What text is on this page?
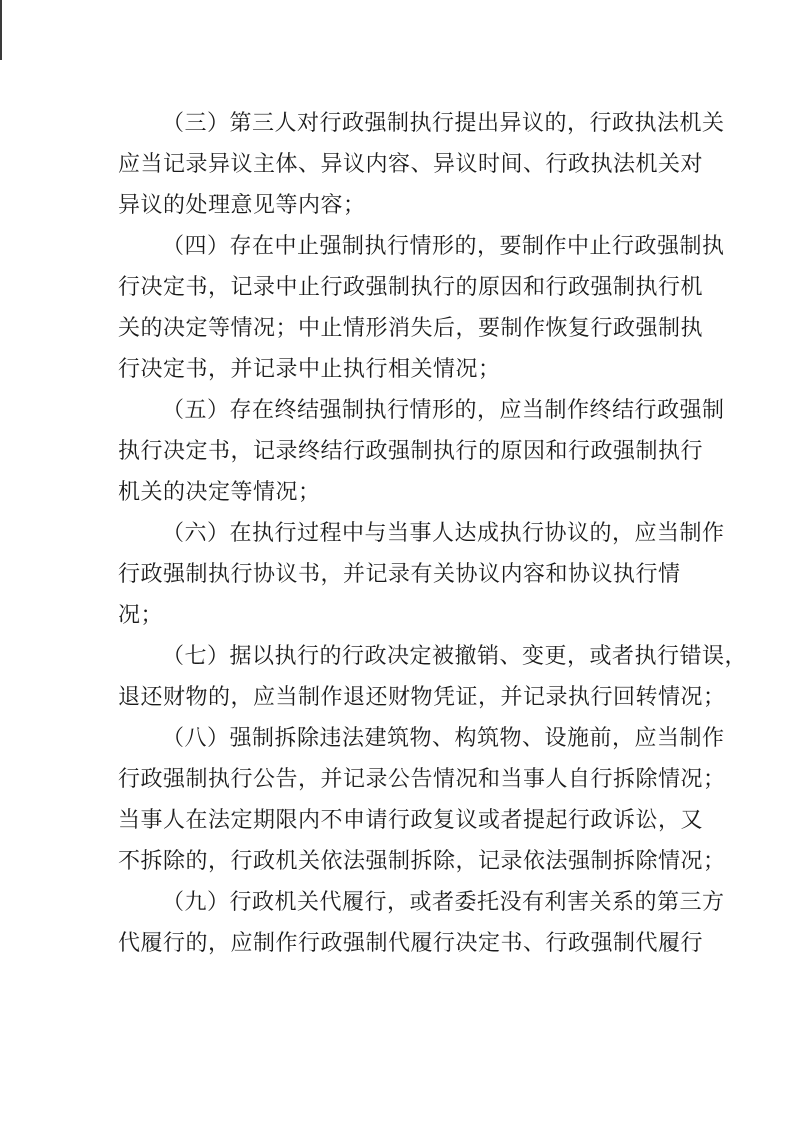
（三）第三人对行政强制执行提出异议的，行政执法机关
应当记录异议主体、异议内容、异议时间、行政执法机关对
异议的处理意见等内容；
（四）存在中止强制执行情形的，要制作中止行政强制执
行决定书，记录中止行政强制执行的原因和行政强制执行机
关的决定等情况；中止情形消失后，要制作恢复行政强制执
行决定书，并记录中止执行相关情况；
（五）存在终结强制执行情形的，应当制作终结行政强制
执行决定书，记录终结行政强制执行的原因和行政强制执行
机关的决定等情况；
（六）在执行过程中与当事人达成执行协议的，应当制作
行政强制执行协议书，并记录有关协议内容和协议执行情
况；
（七）据以执行的行政决定被撤销、变更，或者执行错误，
退还财物的，应当制作退还财物凭证，并记录执行回转情况；
（八）强制拆除违法建筑物、构筑物、设施前，应当制作
行政强制执行公告，并记录公告情况和当事人自行拆除情况；
当事人在法定期限内不申请行政复议或者提起行政诉讼，又
不拆除的，行政机关依法强制拆除，记录依法强制拆除情况；
（九）行政机关代履行，或者委托没有利害关系的第三方
代履行的，应制作行政强制代履行决定书、行政强制代履行
